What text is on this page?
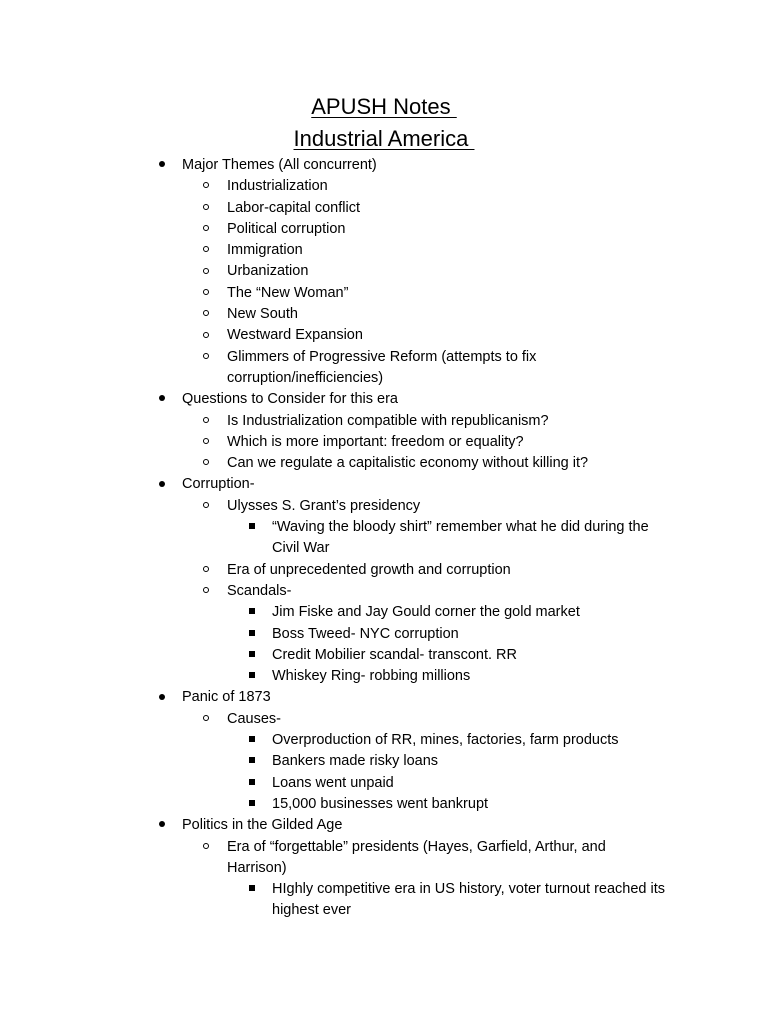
APUSH Notes
Industrial America
Major Themes (All concurrent)
Industrialization
Labor-capital conflict
Political corruption
Immigration
Urbanization
The “New Woman”
New South
Westward Expansion
Glimmers of Progressive Reform (attempts to fix
corruption/inefficiencies)
Questions to Consider for this era
Is Industrialization compatible with republicanism?
Which is more important: freedom or equality?
Can we regulate a capitalistic economy without killing it?
Corruption-
Ulysses S. Grant’s presidency
“Waving the bloody shirt” remember what he did during the
Civil War
Era of unprecedented growth and corruption
Scandals-
Jim Fiske and Jay Gould corner the gold market
Boss Tweed- NYC corruption
Credit Mobilier scandal- transcont. RR
Whiskey Ring- robbing millions
Panic of 1873
Causes-
Overproduction of RR, mines, factories, farm products
Bankers made risky loans
Loans went unpaid
15,000 businesses went bankrupt
Politics in the Gilded Age
Era of “forgettable” presidents (Hayes, Garfield, Arthur, and
Harrison)
HIghly competitive era in US history, voter turnout reached its
highest ever
